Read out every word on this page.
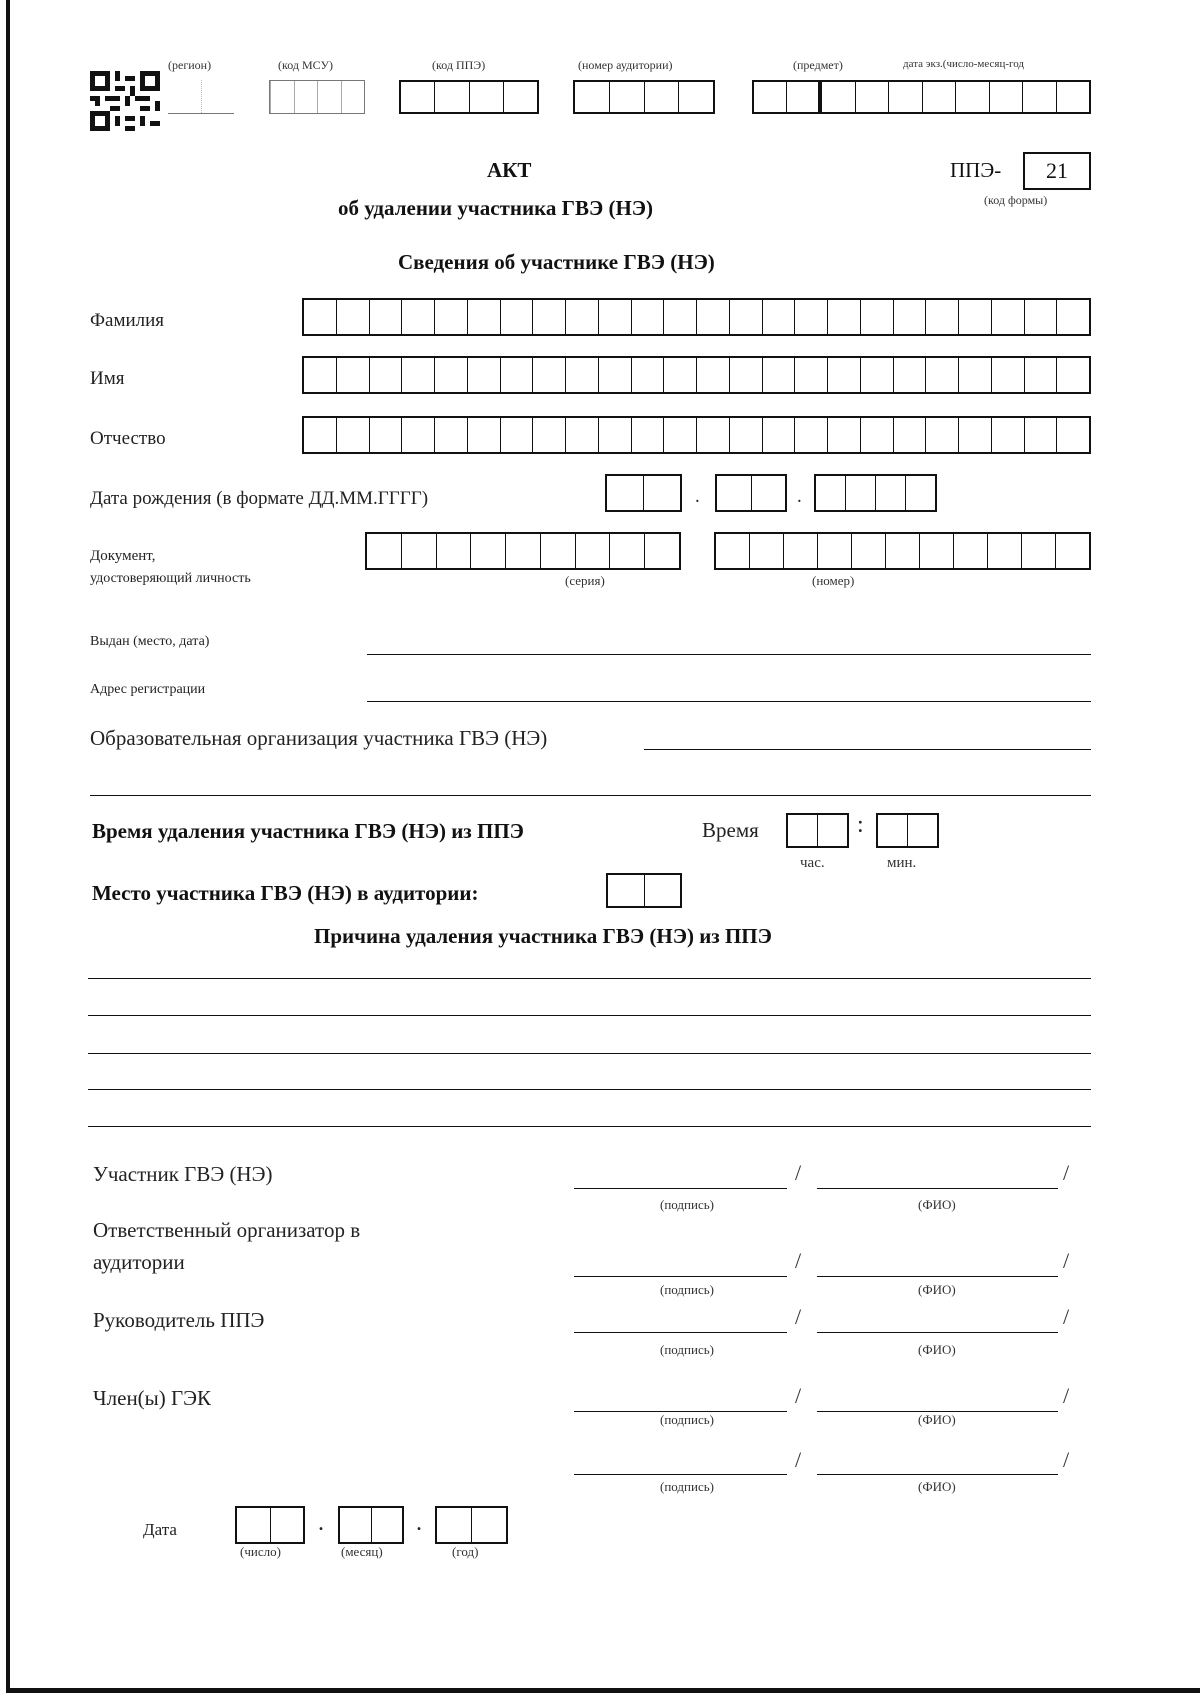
(регион)	(код МСУ)	(код ППЭ)	(номер аудитории)	(предмет)	дата экз.(число-месяц-год
АКТ
об удалении участника ГВЭ (НЭ)
ППЭ-	21
(код формы)
Сведения об участнике ГВЭ (НЭ)
Фамилия
Имя
Отчество
Дата рождения (в формате ДД.ММ.ГГГГ)	.	.
Документ,
удостоверяющий личность	(серия)	(номер)
Выдан (место, дата)
Адрес регистрации
Образовательная организация участника ГВЭ (НЭ)
Время удаления участника ГВЭ (НЭ) из ППЭ	Время	:
час.	мин.
Место участника ГВЭ (НЭ) в аудитории:
Причина удаления участника ГВЭ (НЭ) из ППЭ
Участник ГВЭ (НЭ)	/	/
(подпись)	(ФИО)
Ответственный организатор в
аудитории	/	/
(подпись)	(ФИО)
Руководитель ППЭ	/	/
(подпись)	(ФИО)
Член(ы) ГЭК	/	/
(подпись)	(ФИО)
/	/
(подпись)	(ФИО)
Дата	.	.
(число)	(месяц)	(год)
